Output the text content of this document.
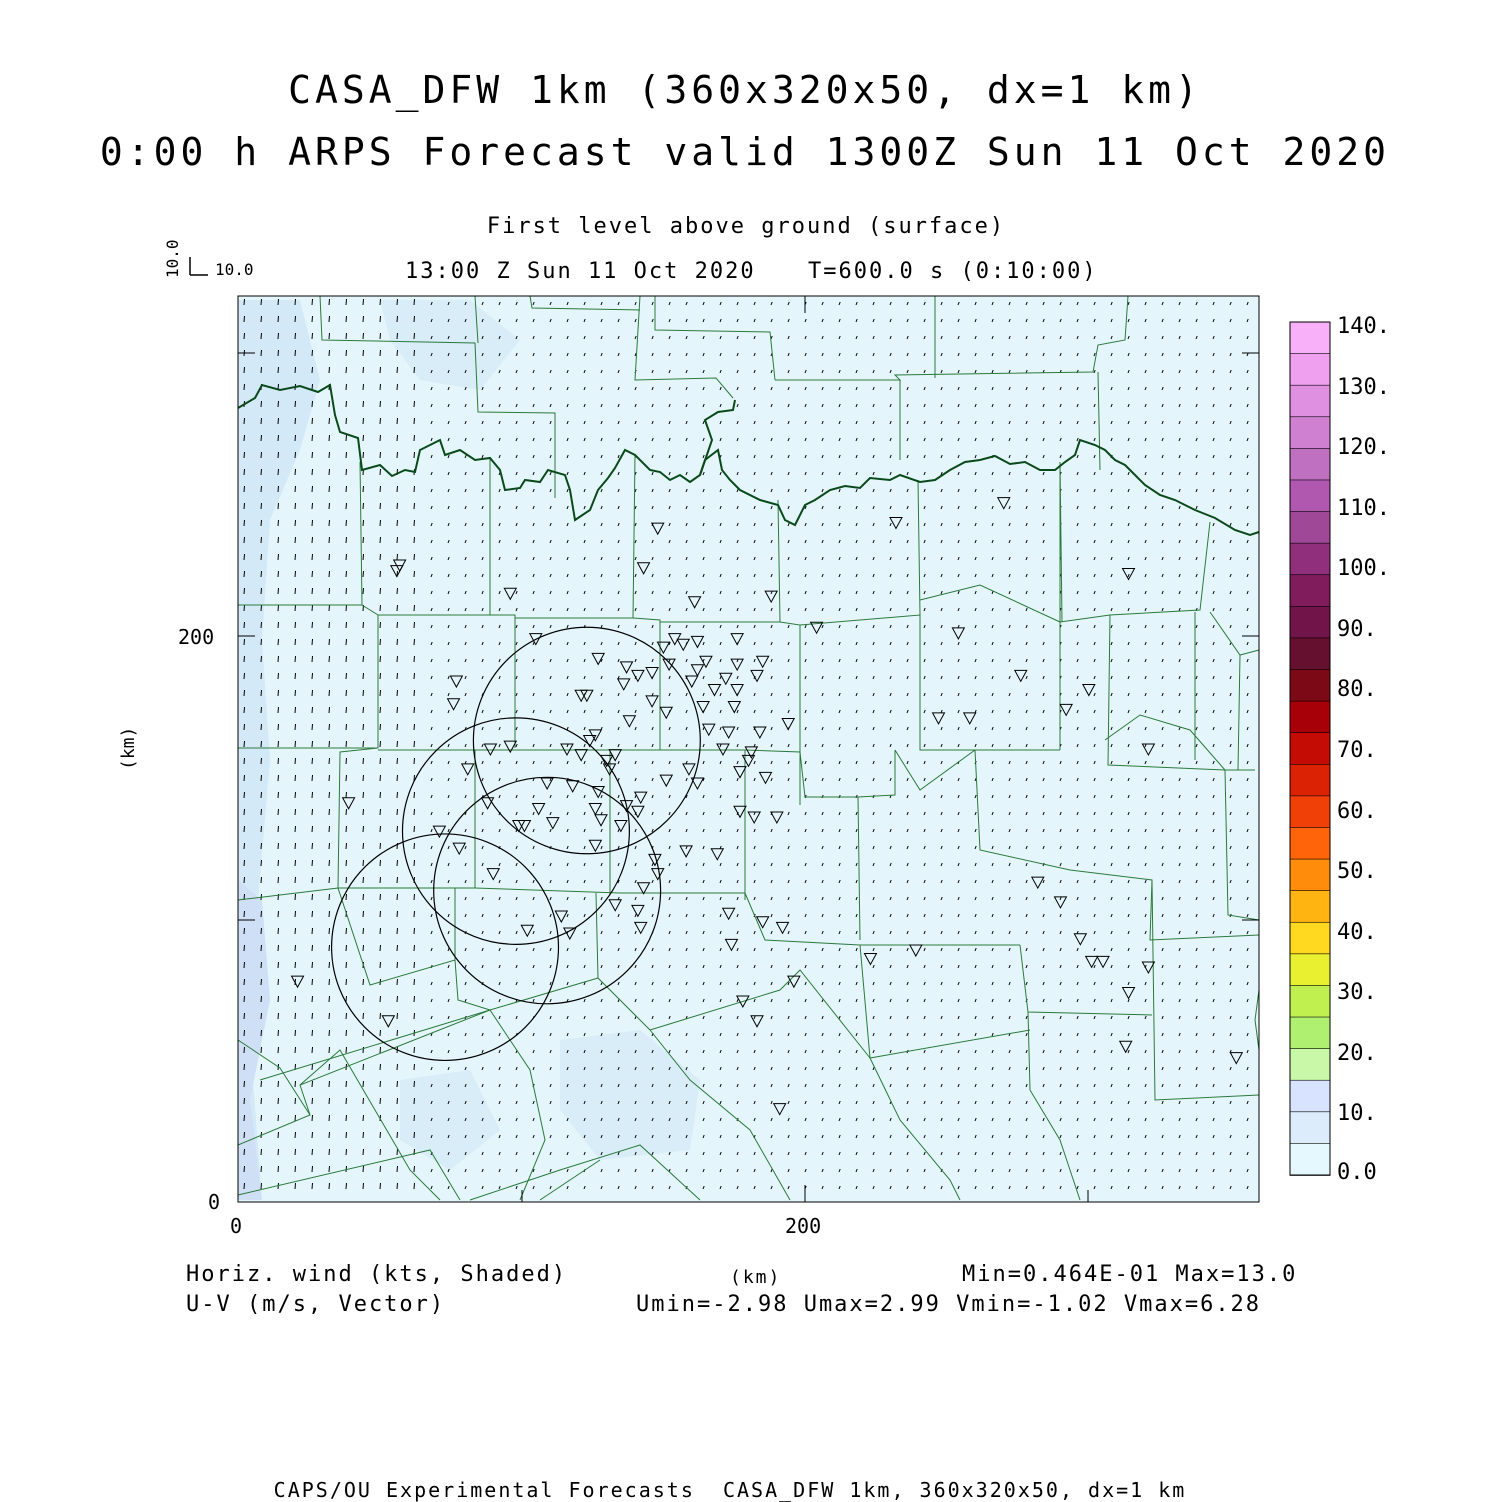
CASA_DFW 1km (360x320x50, dx=1 km)
0:00 h ARPS Forecast valid 1300Z Sun 11 Oct 2020
First level above ground (surface)
13:00 Z Sun 11 Oct 2020 T=600.0 s (0:10:00)
10.0 10.0
200
0
0	200
(km)
140.
130.
120.
110.
100.
90.
80.
70.
60.
50.
40.
30.
20.
10.
0.0
Horiz. wind (kts, Shaded)
U-V (m/s, Vector)
(km)	Min=0.464E-01 Max=13.0
Umin=-2.98 Umax=2.99 Vmin=-1.02 Vmax=6.28
CAPS/OU Experimental Forecasts  CASA_DFW 1km, 360x320x50, dx=1 km
